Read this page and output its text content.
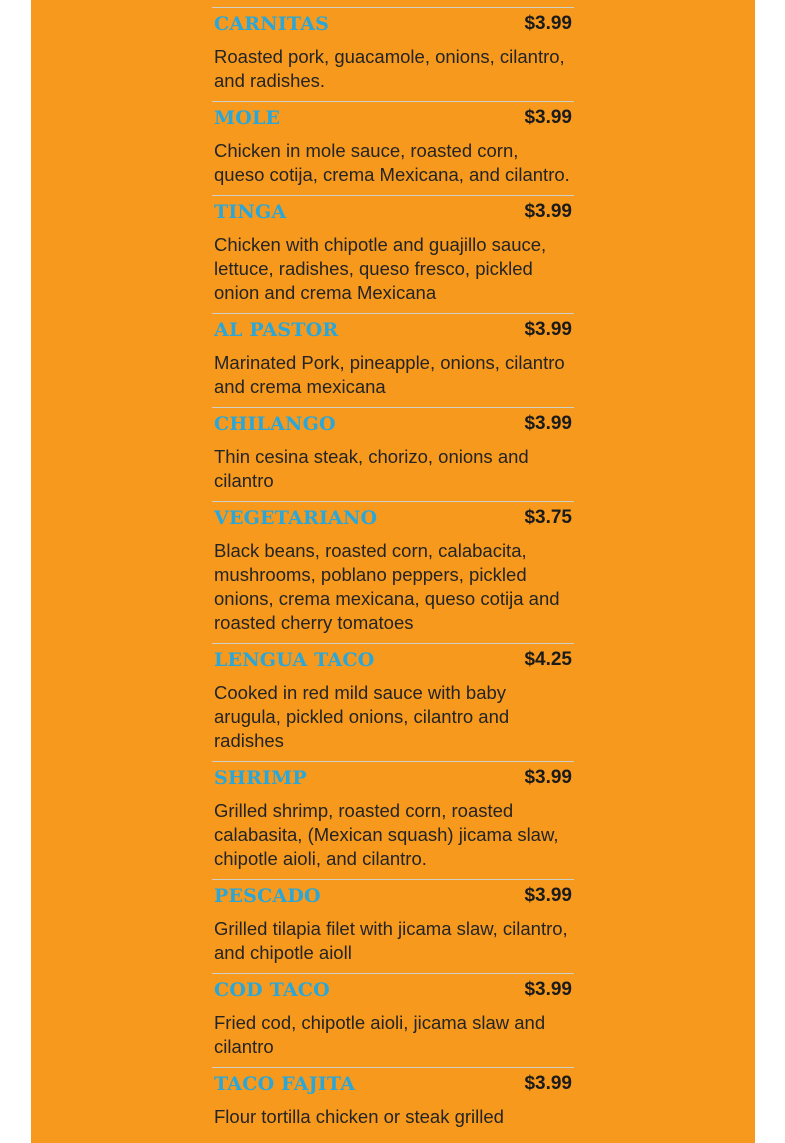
CARNITAS	$3.99
Roasted pork, guacamole, onions, cilantro, and radishes.
MOLE	$3.99
Chicken in mole sauce, roasted corn, queso cotija, crema Mexicana, and cilantro.
TINGA	$3.99
Chicken with chipotle and guajillo sauce, lettuce, radishes, queso fresco, pickled onion and crema Mexicana
AL PASTOR	$3.99
Marinated Pork, pineapple, onions, cilantro and crema mexicana
CHILANGO	$3.99
Thin cesina steak, chorizo, onions and cilantro
VEGETARIANO	$3.75
Black beans, roasted corn, calabacita, mushrooms, poblano peppers, pickled onions, crema mexicana, queso cotija and roasted cherry tomatoes
LENGUA TACO	$4.25
Cooked in red mild sauce with baby arugula, pickled onions, cilantro and radishes
SHRIMP	$3.99
Grilled shrimp, roasted corn, roasted calabasita, (Mexican squash) jicama slaw, chipotle aioli, and cilantro.
PESCADO	$3.99
Grilled tilapia filet with jicama slaw, cilantro, and chipotle aioll
COD TACO	$3.99
Fried cod, chipotle aioli, jicama slaw and cilantro
TACO FAJITA	$3.99
Flour tortilla chicken or steak grilled
